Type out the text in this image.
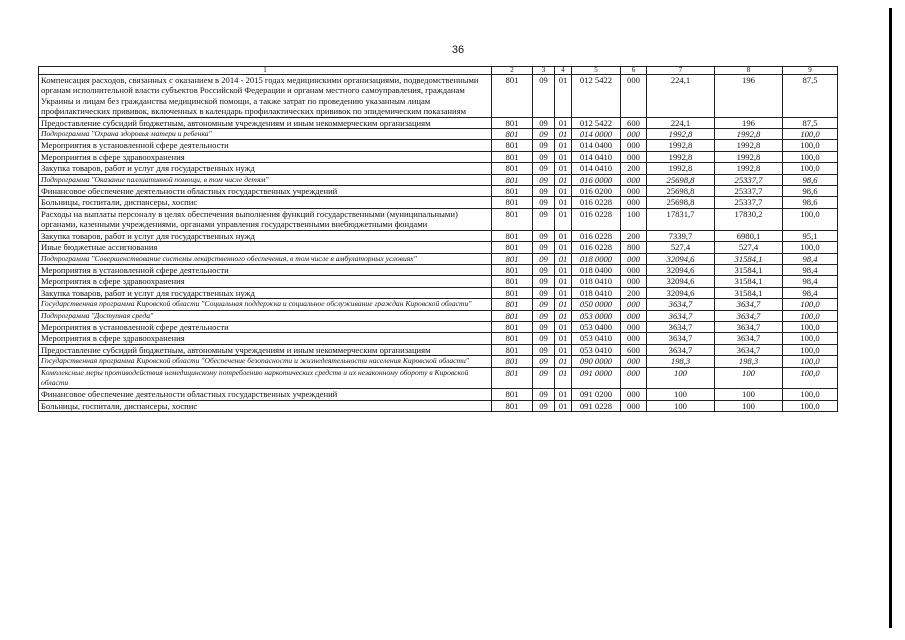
36
1	2	3	4	5	6	7	8	9
Компенсация расходов, связанных с оказанием в 2014 - 2015 годах медицинскими организациями, подведомственными органам исполнительной власти субъектов Российской Федерации и органам местного самоуправления, гражданам Украины и лицам без гражданства медицинской помощи, а также затрат по проведению указанным лицам профилактических прививок, включенных в календарь профилактических прививок по эпидемическим показаниям	801	09	01	012 5422	000	224,1	196	87,5
Предоставление субсидий бюджетным, автономным учреждениям и иным некоммерческим организациям	801	09	01	012 5422	600	224,1	196	87,5
Подпрограмма "Охрана здоровья матери и ребенка"	801	09	01	014 0000	000	1992,8	1992,8	100,0
Мероприятия в установленной сфере деятельности	801	09	01	014 0400	000	1992,8	1992,8	100,0
Мероприятия в сфере здравоохранения	801	09	01	014 0410	000	1992,8	1992,8	100,0
Закупка товаров, работ и услуг для государственных нужд	801	09	01	014 0410	200	1992,8	1992,8	100,0
Подпрограмма "Оказание паллиативной помощи, в том числе детям"	801	09	01	016 0000	000	25698,8	25337,7	98,6
Финансовое обеспечение деятельности областных государственных учреждений	801	09	01	016 0200	000	25698,8	25337,7	98,6
Больницы, госпитали, диспансеры, хоспис	801	09	01	016 0228	000	25698,8	25337,7	98,6
Расходы на выплаты персоналу в целях обеспечения выполнения функций государственными (муниципальными) органами, казенными учреждениями, органами управления государственными внебюджетными фондами	801	09	01	016 0228	100	17831,7	17830,2	100,0
Закупка товаров, работ и услуг для государственных нужд	801	09	01	016 0228	200	7339,7	6980,1	95,1
Иные бюджетные ассигнования	801	09	01	016 0228	800	527,4	527,4	100,0
Подпрограмма "Совершенствование системы лекарственного обеспечения, в том числе в амбулаторных условиях"	801	09	01	018 0000	000	32094,6	31584,1	98,4
Мероприятия в установленной сфере деятельности	801	09	01	018 0400	000	32094,6	31584,1	98,4
Мероприятия в сфере здравоохранения	801	09	01	018 0410	000	32094,6	31584,1	98,4
Закупка товаров, работ и услуг для государственных нужд	801	09	01	018 0410	200	32094,6	31584,1	98,4
Государственная программа Кировской области "Социальная поддержка и социальное обслуживание граждан Кировской области"	801	09	01	050 0000	000	3634,7	3634,7	100,0
Подпрограмма "Доступная среда"	801	09	01	053 0000	000	3634,7	3634,7	100,0
Мероприятия в установленной сфере деятельности	801	09	01	053 0400	000	3634,7	3634,7	100,0
Мероприятия в сфере здравоохранения	801	09	01	053 0410	000	3634,7	3634,7	100,0
Предоставление субсидий бюджетным, автономным учреждениям и иным некоммерческим организациям	801	09	01	053 0410	600	3634,7	3634,7	100,0
Государственная программа Кировской области "Обеспечение безопасности и жизнедеятельности населения Кировской области"	801	09	01	090 0000	000	198,3	198,3	100,0
Комплексные меры противодействия немедицинскому потреблению наркотических средств и их незаконному обороту в Кировской области	801	09	01	091 0000	000	100	100	100,0
Финансовое обеспечение деятельности областных государственных учреждений	801	09	01	091 0200	000	100	100	100,0
Больницы, госпитали, диспансеры, хоспис	801	09	01	091 0228	000	100	100	100,0
